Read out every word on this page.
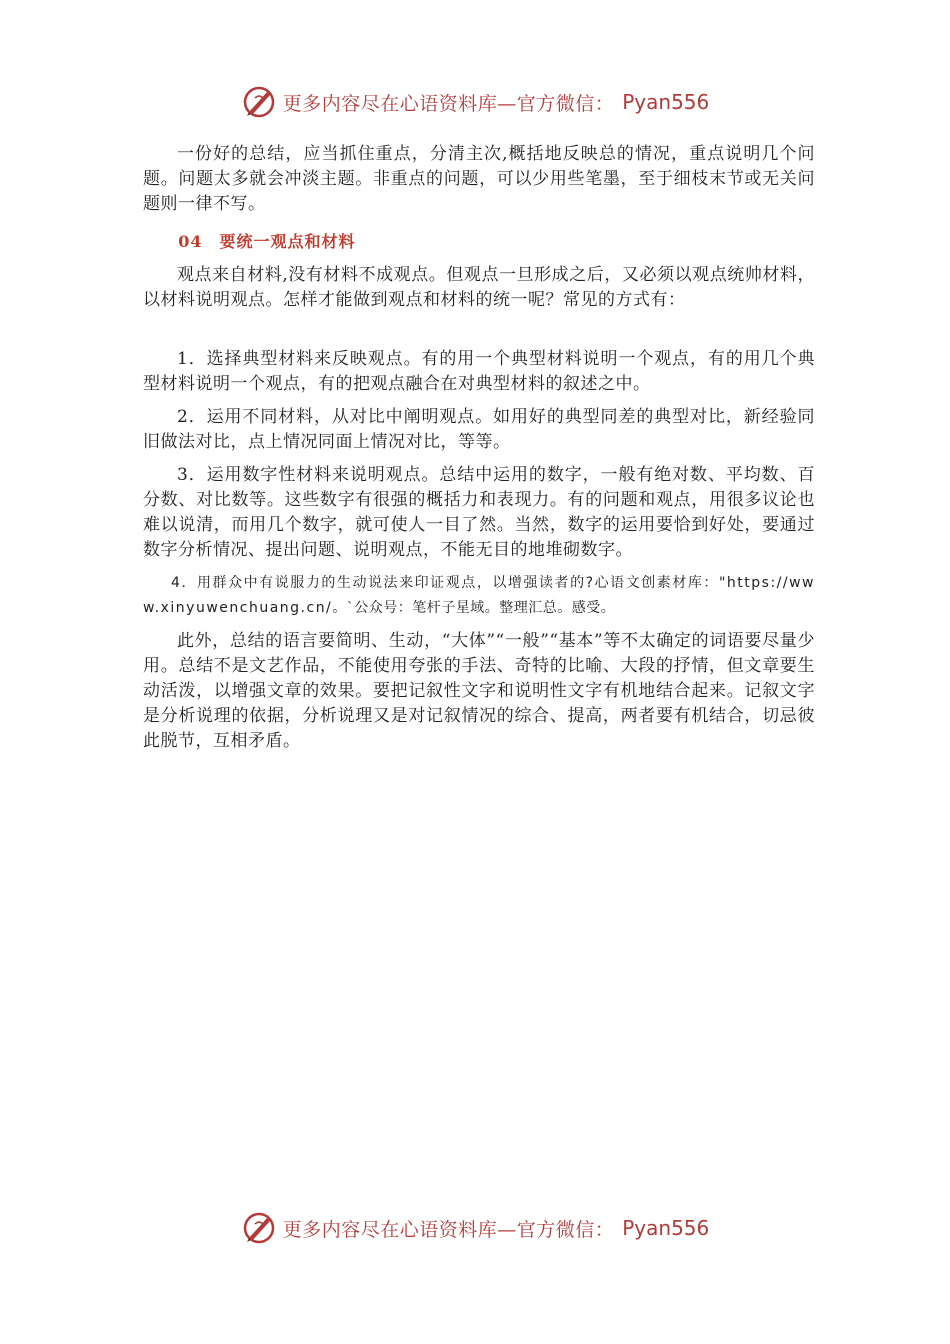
更多内容尽在心语资料库—官方微信： Pyan556

一份好的总结，应当抓住重点，分清主次,概括地反映总的情况，重点说明几个问题。问题太多就会冲淡主题。非重点的问题，可以少用些笔墨，至于细枝末节或无关问题则一律不写。

04　要统一观点和材料

观点来自材料,没有材料不成观点。但观点一旦形成之后，又必须以观点统帅材料，以材料说明观点。怎样才能做到观点和材料的统一呢？常见的方式有：

1．选择典型材料来反映观点。有的用一个典型材料说明一个观点，有的用几个典型材料说明一个观点，有的把观点融合在对典型材料的叙述之中。

2．运用不同材料，从对比中阐明观点。如用好的典型同差的典型对比，新经验同旧做法对比，点上情况同面上情况对比，等等。

3．运用数字性材料来说明观点。总结中运用的数字，一般有绝对数、平均数、百分数、对比数等。这些数字有很强的概括力和表现力。有的问题和观点，用很多议论也难以说清，而用几个数字，就可使人一目了然。当然，数字的运用要恰到好处，要通过数字分析情况、提出问题、说明观点，不能无目的地堆砌数字。

4．用群众中有说服力的生动说法来印证观点，以增强读者的?心语文创素材库："https://www.xinyuwenchuang.cn/。`公众号：笔杆子星域。整理汇总。感受。

此外，总结的语言要简明、生动，“大体”“一般”“基本”等不太确定的词语要尽量少用。总结不是文艺作品，不能使用夸张的手法、奇特的比喻、大段的抒情，但文章要生动活泼，以增强文章的效果。要把记叙性文字和说明性文字有机地结合起来。记叙文字是分析说理的依据，分析说理又是对记叙情况的综合、提高，两者要有机结合，切忌彼此脱节，互相矛盾。

更多内容尽在心语资料库—官方微信： Pyan556
